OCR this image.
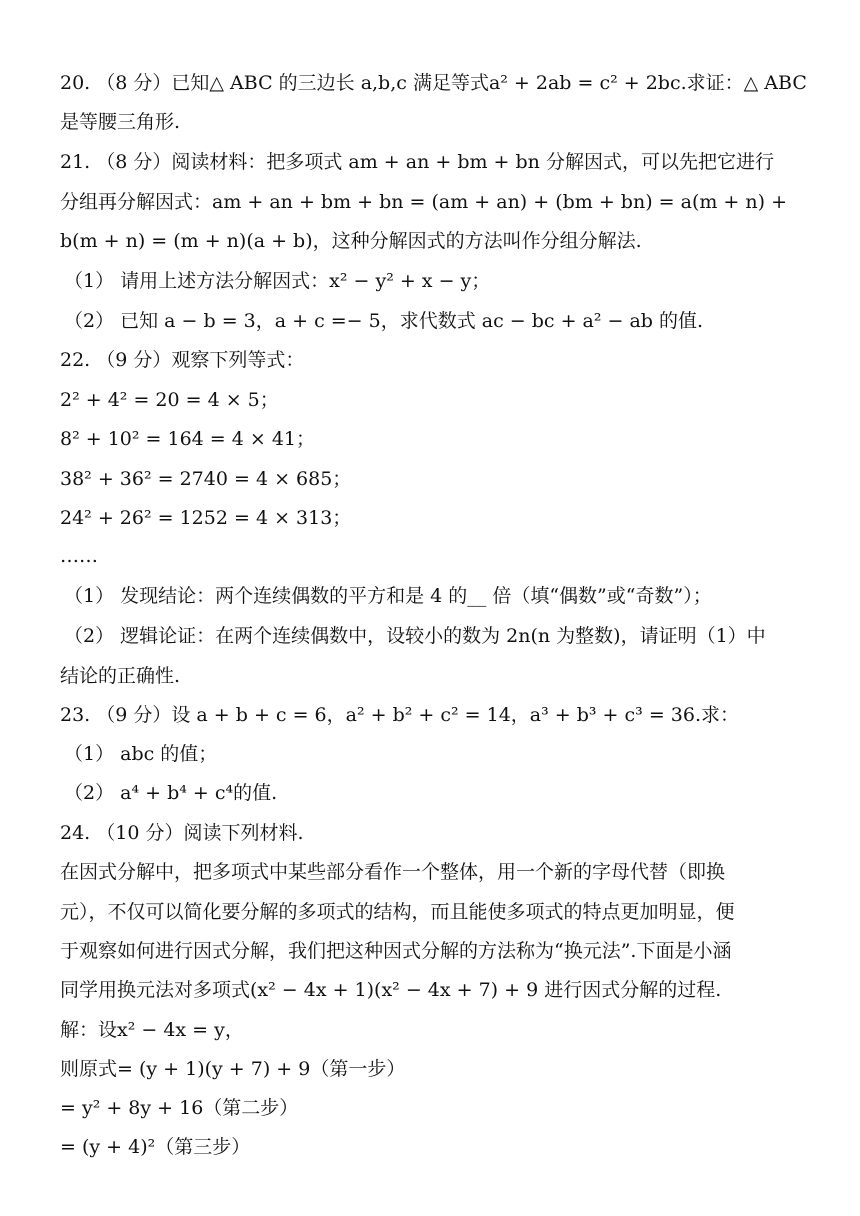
20. （8 分）已知△ ABC 的三边长 a,b,c 满足等式a² + 2ab = c² + 2bc.求证：△ ABC
是等腰三角形.
21. （8 分）阅读材料：把多项式 am + an + bm + bn 分解因式，可以先把它进行
分组再分解因式：am + an + bm + bn = (am + an) + (bm + bn) = a(m + n) +
b(m + n) = (m + n)(a + b)，这种分解因式的方法叫作分组分解法.
（1） 请用上述方法分解因式：x² − y² + x − y；
（2） 已知 a − b = 3，a + c =− 5，求代数式 ac − bc + a² − ab 的值.
22. （9 分）观察下列等式：
2² + 4² = 20 = 4 × 5；
8² + 10² = 164 = 4 × 41；
38² + 36² = 2740 = 4 × 685；
24² + 26² = 1252 = 4 × 313；
……
（1） 发现结论：两个连续偶数的平方和是 4 的__ 倍（填“偶数”或“奇数”）；
（2） 逻辑论证：在两个连续偶数中，设较小的数为 2n(n 为整数)，请证明（1）中
结论的正确性.
23. （9 分）设 a + b + c = 6，a² + b² + c² = 14，a³ + b³ + c³ = 36.求：
（1） abc 的值；
（2） a⁴ + b⁴ + c⁴的值.
24. （10 分）阅读下列材料.
在因式分解中，把多项式中某些部分看作一个整体，用一个新的字母代替（即换
元），不仅可以简化要分解的多项式的结构，而且能使多项式的特点更加明显，便
于观察如何进行因式分解，我们把这种因式分解的方法称为“换元法”.下面是小涵
同学用换元法对多项式(x² − 4x + 1)(x² − 4x + 7) + 9 进行因式分解的过程.
解：设x² − 4x = y，
则原式= (y + 1)(y + 7) + 9（第一步）
= y² + 8y + 16（第二步）
= (y + 4)²（第三步）
